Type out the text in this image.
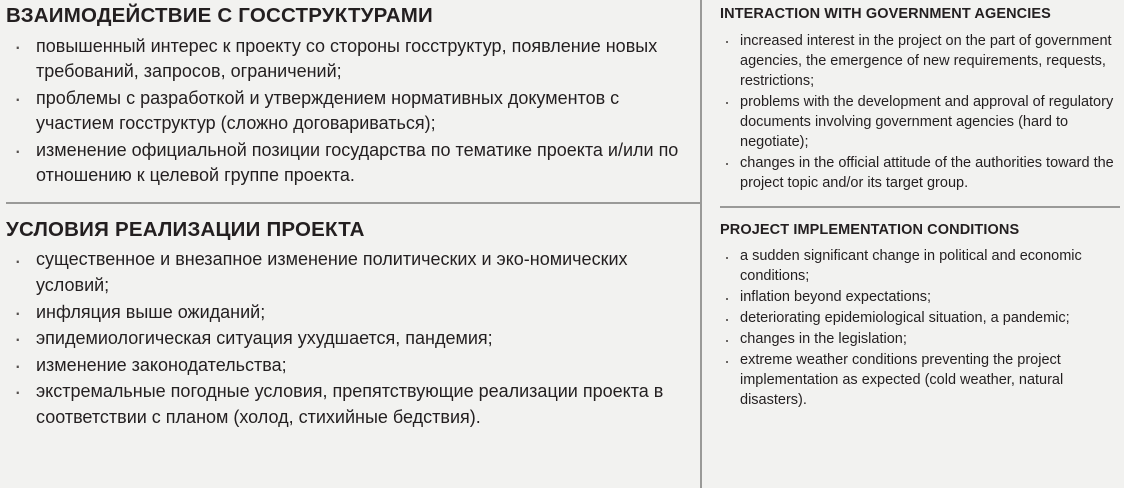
ВЗАИМОДЕЙСТВИЕ С ГОССТРУКТУРАМИ
· повышенный интерес к проекту со стороны госструктур, появление новых требований, запросов, ограничений;
· проблемы с разработкой и утверждением нормативных документов с участием госструктур (сложно договариваться);
· изменение официальной позиции государства по тематике проекта и/или по отношению к целевой группе проекта.
УСЛОВИЯ РЕАЛИЗАЦИИ ПРОЕКТА
· существенное и внезапное изменение политических и эко-номических условий;
· инфляция выше ожиданий;
· эпидемиологическая ситуация ухудшается, пандемия;
· изменение законодательства;
· экстремальные погодные условия, препятствующие реализации проекта в соответствии с планом (холод, стихийные бедствия).
INTERACTION WITH GOVERNMENT AGENCIES
· increased interest in the project on the part of government agencies, the emergence of new requirements, requests, restrictions;
· problems with the development and approval of regulatory documents involving government agencies (hard to negotiate);
· changes in the official attitude of the authorities toward the project topic and/or its target group.
PROJECT IMPLEMENTATION CONDITIONS
· a sudden significant change in political and economic conditions;
· inflation beyond expectations;
· deteriorating epidemiological situation, a pandemic;
· changes in the legislation;
· extreme weather conditions preventing the project implementation as expected (cold weather, natural disasters).
